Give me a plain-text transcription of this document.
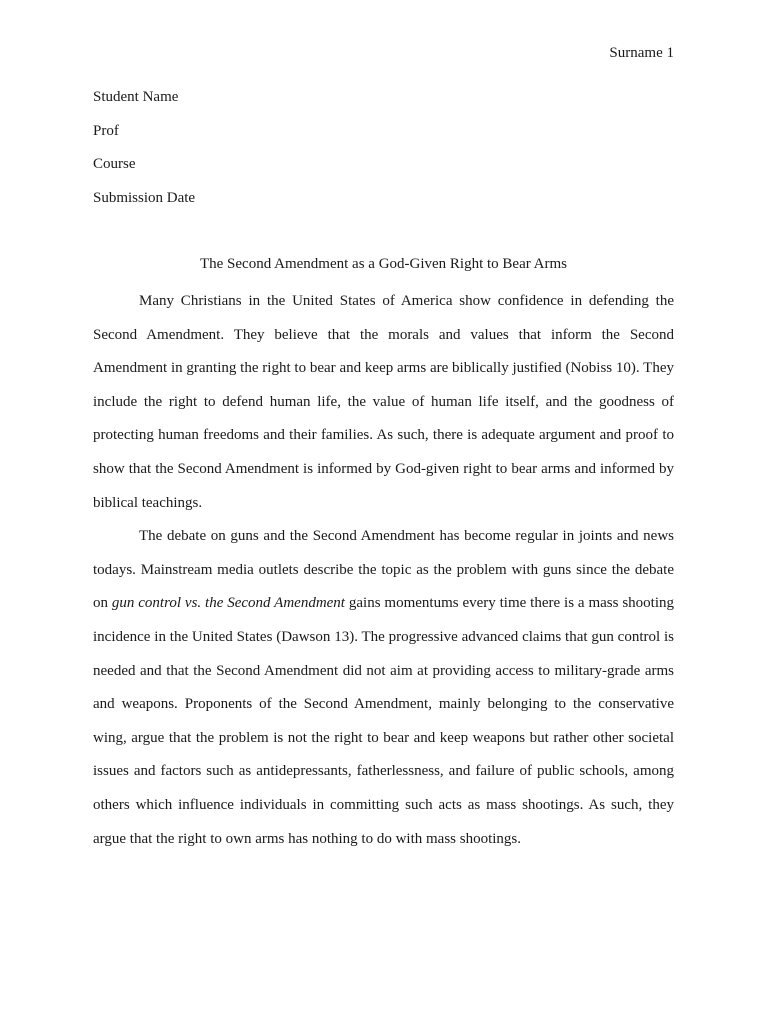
Surname 1
Student Name
Prof
Course
Submission Date
The Second Amendment as a God-Given Right to Bear Arms

Many Christians in the United States of America show confidence in defending the Second Amendment. They believe that the morals and values that inform the Second Amendment in granting the right to bear and keep arms are biblically justified (Nobiss 10). They include the right to defend human life, the value of human life itself, and the goodness of protecting human freedoms and their families. As such, there is adequate argument and proof to show that the Second Amendment is informed by God-given right to bear arms and informed by biblical teachings.

The debate on guns and the Second Amendment has become regular in joints and news todays. Mainstream media outlets describe the topic as the problem with guns since the debate on gun control vs. the Second Amendment gains momentums every time there is a mass shooting incidence in the United States (Dawson 13). The progressive advanced claims that gun control is needed and that the Second Amendment did not aim at providing access to military-grade arms and weapons. Proponents of the Second Amendment, mainly belonging to the conservative wing, argue that the problem is not the right to bear and keep weapons but rather other societal issues and factors such as antidepressants, fatherlessness, and failure of public schools, among others which influence individuals in committing such acts as mass shootings. As such, they argue that the right to own arms has nothing to do with mass shootings.
